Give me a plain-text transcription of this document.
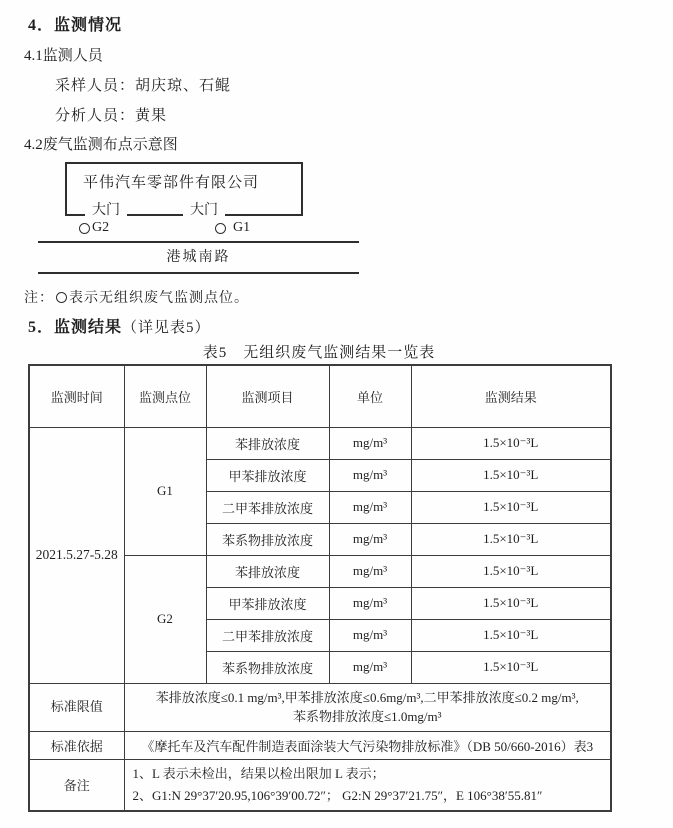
4．监测情况
4.1监测人员
采样人员：胡庆琼、石鲲
分析人员：黄果
4.2废气监测布点示意图
平伟汽车零部件有限公司
大门	大门
G2	G1
港城南路
注： 表示无组织废气监测点位。
5．监测结果（详见表5）
表5　无组织废气监测结果一览表
监测时间	监测点位	监测项目	单位	监测结果
2021.5.27-5.28	G1	苯排放浓度	mg/m³	1.5×10⁻³L
		甲苯排放浓度	mg/m³	1.5×10⁻³L
		二甲苯排放浓度	mg/m³	1.5×10⁻³L
		苯系物排放浓度	mg/m³	1.5×10⁻³L
	G2	苯排放浓度	mg/m³	1.5×10⁻³L
		甲苯排放浓度	mg/m³	1.5×10⁻³L
		二甲苯排放浓度	mg/m³	1.5×10⁻³L
		苯系物排放浓度	mg/m³	1.5×10⁻³L
标准限值	苯排放浓度≤0.1 mg/m³,甲苯排放浓度≤0.6mg/m³,二甲苯排放浓度≤0.2 mg/m³,
苯系物排放浓度≤1.0mg/m³			

标准依据	《摩托车及汽车配件制造表面涂装大气污染物排放标准》（DB 50/660-2016）表3			
备注	1、L 表示未检出，结果以检出限加 L 表示；
2、G1:N 29°37′20.95,106°39′00.72″； G2:N 29°37′21.75″，E 106°38′55.81″			
